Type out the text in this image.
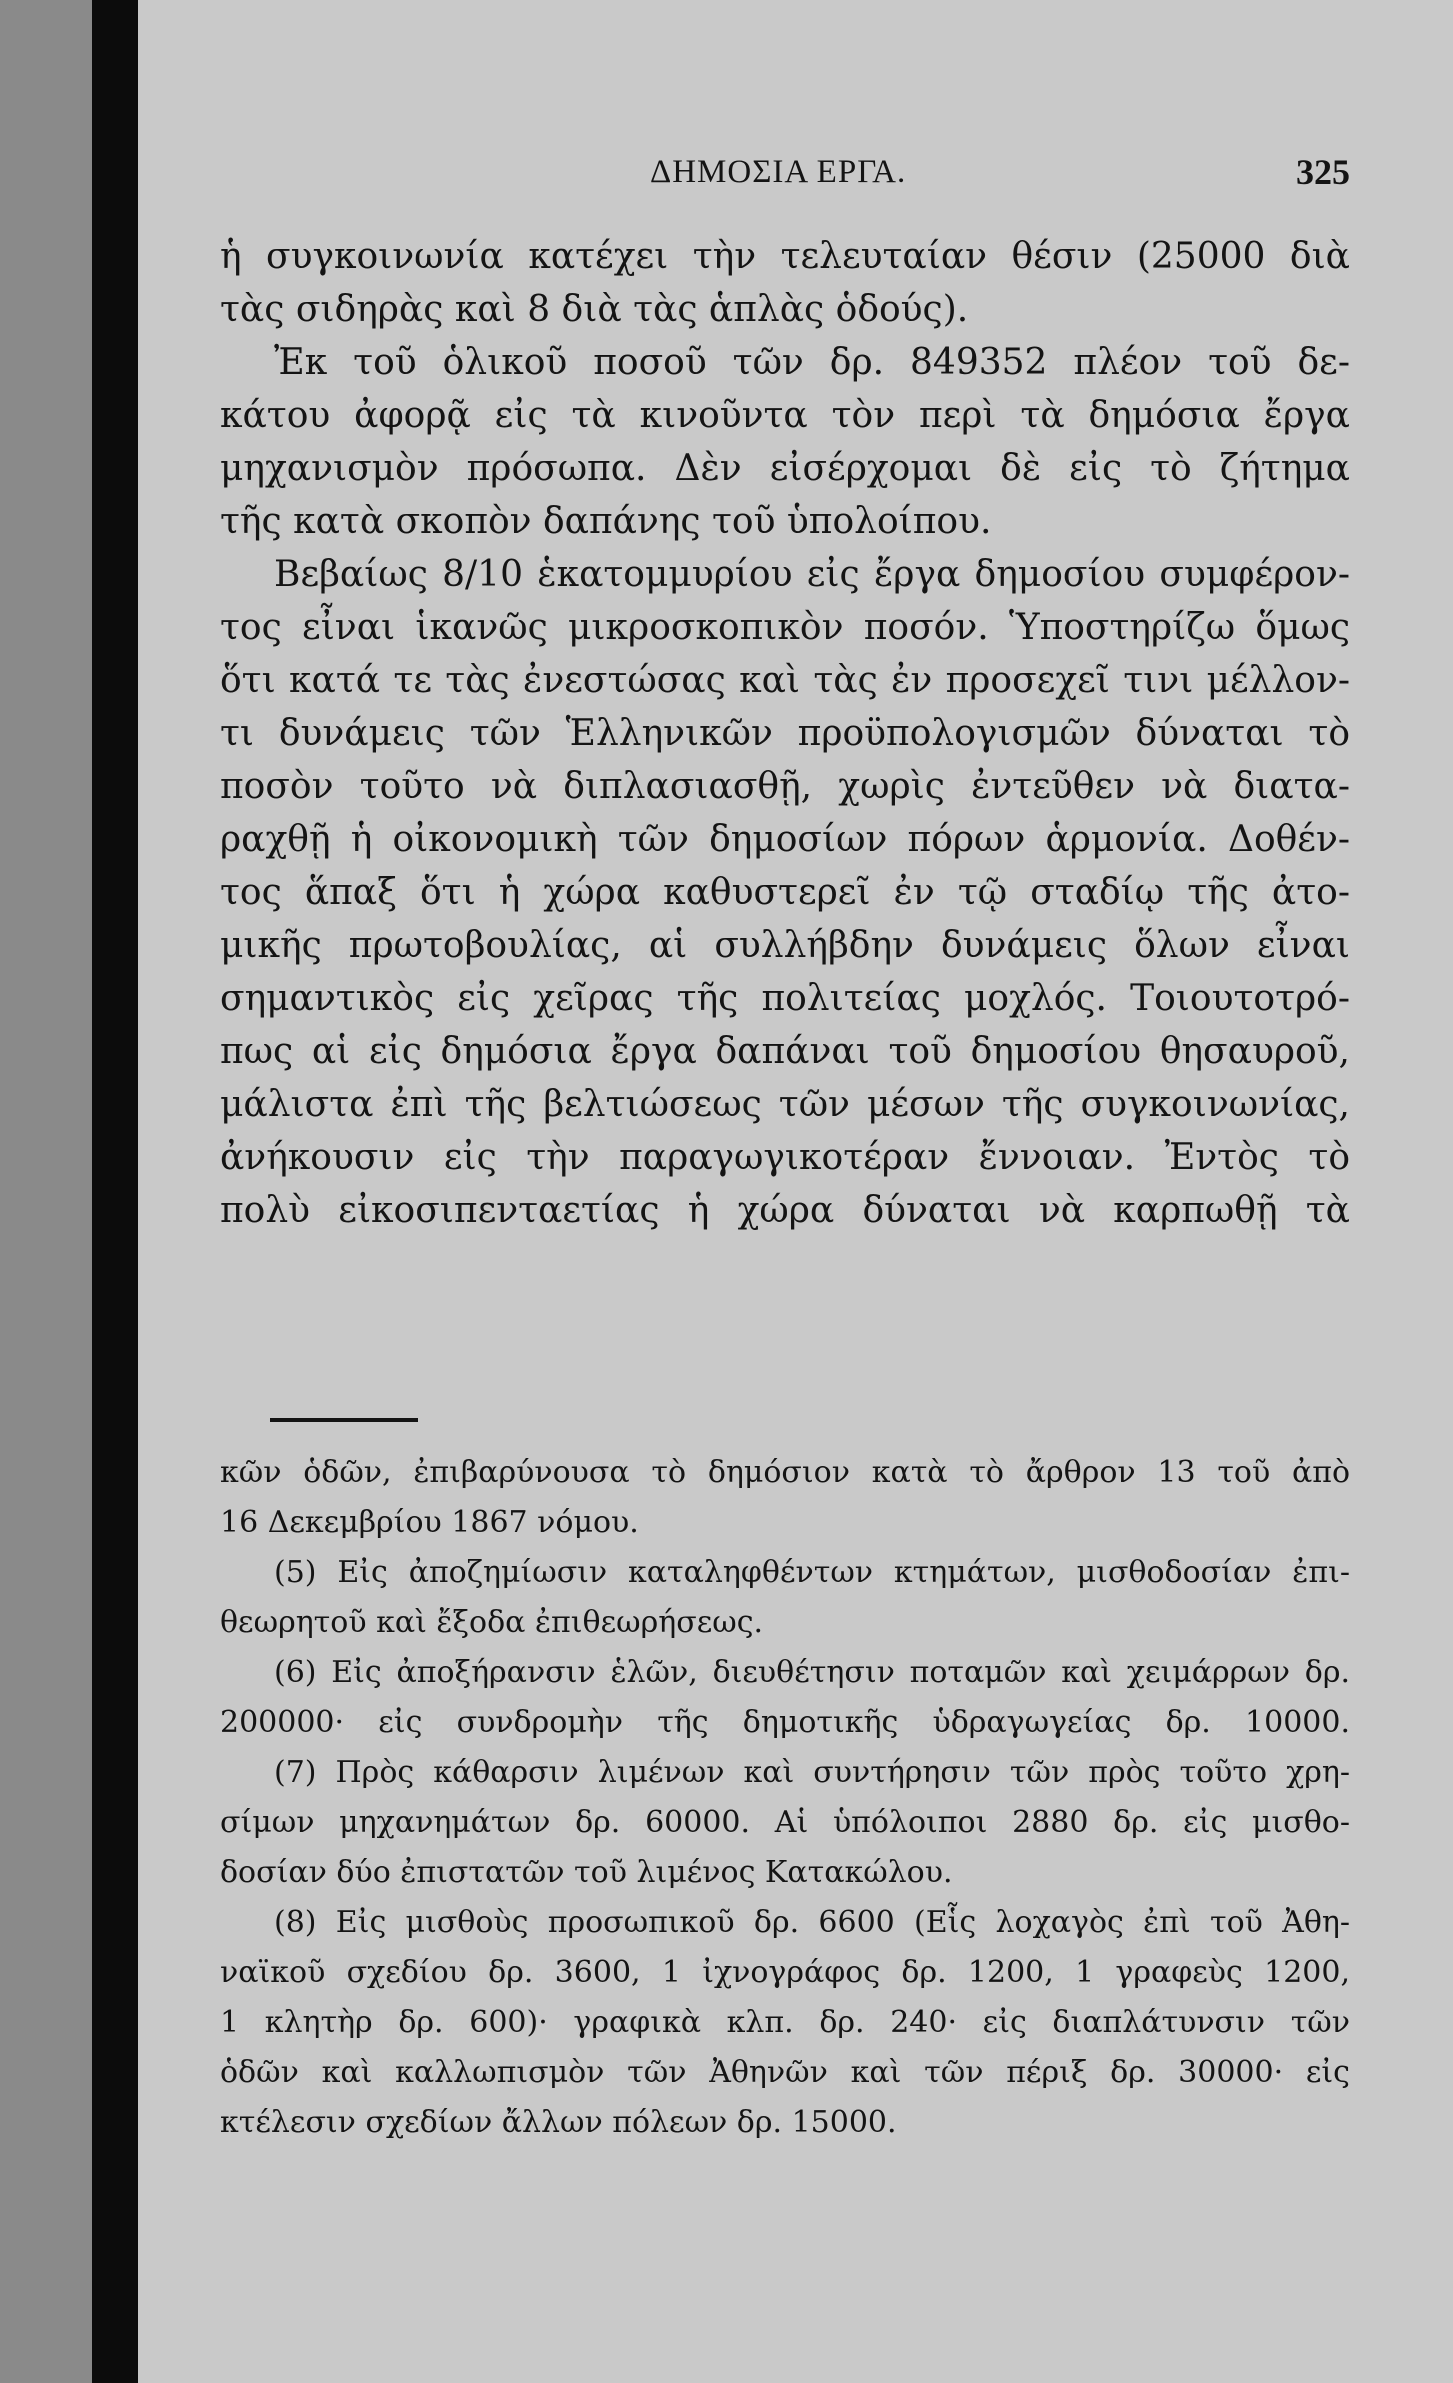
ΔΗΜΟΣΙΑ ΕΡΓΑ.	325
ἡ συγκοινωνία κατέχει τὴν τελευταίαν θέσιν (25000 διὰ
τὰς σιδηρὰς καὶ 8 διὰ τὰς ἁπλὰς ὁδούς).
Ἐκ τοῦ ὁλικοῦ ποσοῦ τῶν δρ. 849352 πλέον τοῦ δε-
κάτου ἀφορᾷ εἰς τὰ κινοῦντα τὸν περὶ τὰ δημόσια ἔργα
μηχανισμὸν πρόσωπα. Δὲν εἰσέρχομαι δὲ εἰς τὸ ζήτημα
τῆς κατὰ σκοπὸν δαπάνης τοῦ ὑπολοίπου.
Βεβαίως 8/10 ἑκατομμυρίου εἰς ἔργα δημοσίου συμφέρον-
τος εἶναι ἱκανῶς μικροσκοπικὸν ποσόν. Ὑποστηρίζω ὅμως
ὅτι κατά τε τὰς ἐνεστώσας καὶ τὰς ἐν προσεχεῖ τινι μέλλον-
τι δυνάμεις τῶν Ἑλληνικῶν προϋπολογισμῶν δύναται τὸ
ποσὸν τοῦτο νὰ διπλασιασθῇ, χωρὶς ἐντεῦθεν νὰ διατα-
ραχθῇ ἡ οἰκονομικὴ τῶν δημοσίων πόρων ἁρμονία. Δοθέν-
τος ἅπαξ ὅτι ἡ χώρα καθυστερεῖ ἐν τῷ σταδίῳ τῆς ἀτο-
μικῆς πρωτοβουλίας, αἱ συλλήβδην δυνάμεις ὅλων εἶναι
σημαντικὸς εἰς χεῖρας τῆς πολιτείας μοχλός. Τοιουτοτρό-
πως αἱ εἰς δημόσια ἔργα δαπάναι τοῦ δημοσίου θησαυροῦ,
μάλιστα ἐπὶ τῆς βελτιώσεως τῶν μέσων τῆς συγκοινωνίας,
ἀνήκουσιν εἰς τὴν παραγωγικοτέραν ἔννοιαν. Ἐντὸς τὸ
πολὺ εἰκοσιπενταετίας ἡ χώρα δύναται νὰ καρπωθῇ τὰ
κῶν ὁδῶν, ἐπιβαρύνουσα τὸ δημόσιον κατὰ τὸ ἄρθρον 13 τοῦ ἀπὸ
16 Δεκεμβρίου 1867 νόμου.
(5) Εἰς ἀποζημίωσιν καταληφθέντων κτημάτων, μισθοδοσίαν ἐπι-
θεωρητοῦ καὶ ἔξοδα ἐπιθεωρήσεως.
(6) Εἰς ἀποξήρανσιν ἑλῶν, διευθέτησιν ποταμῶν καὶ χειμάρρων δρ.
200000· εἰς συνδρομὴν τῆς δημοτικῆς ὑδραγωγείας δρ. 10000.
(7) Πρὸς κάθαρσιν λιμένων καὶ συντήρησιν τῶν πρὸς τοῦτο χρη-
σίμων μηχανημάτων δρ. 60000. Αἱ ὑπόλοιποι 2880 δρ. εἰς μισθο-
δοσίαν δύο ἐπιστατῶν τοῦ λιμένος Κατακώλου.
(8) Εἰς μισθοὺς προσωπικοῦ δρ. 6600 (Εἷς λοχαγὸς ἐπὶ τοῦ Ἀθη-
ναϊκοῦ σχεδίου δρ. 3600, 1 ἰχνογράφος δρ. 1200, 1 γραφεὺς 1200,
1 κλητὴρ δρ. 600)· γραφικὰ κλπ. δρ. 240· εἰς διαπλάτυνσιν τῶν
ὁδῶν καὶ καλλωπισμὸν τῶν Ἀθηνῶν καὶ τῶν πέριξ δρ. 30000· εἰς
κτέλεσιν σχεδίων ἄλλων πόλεων δρ. 15000.
